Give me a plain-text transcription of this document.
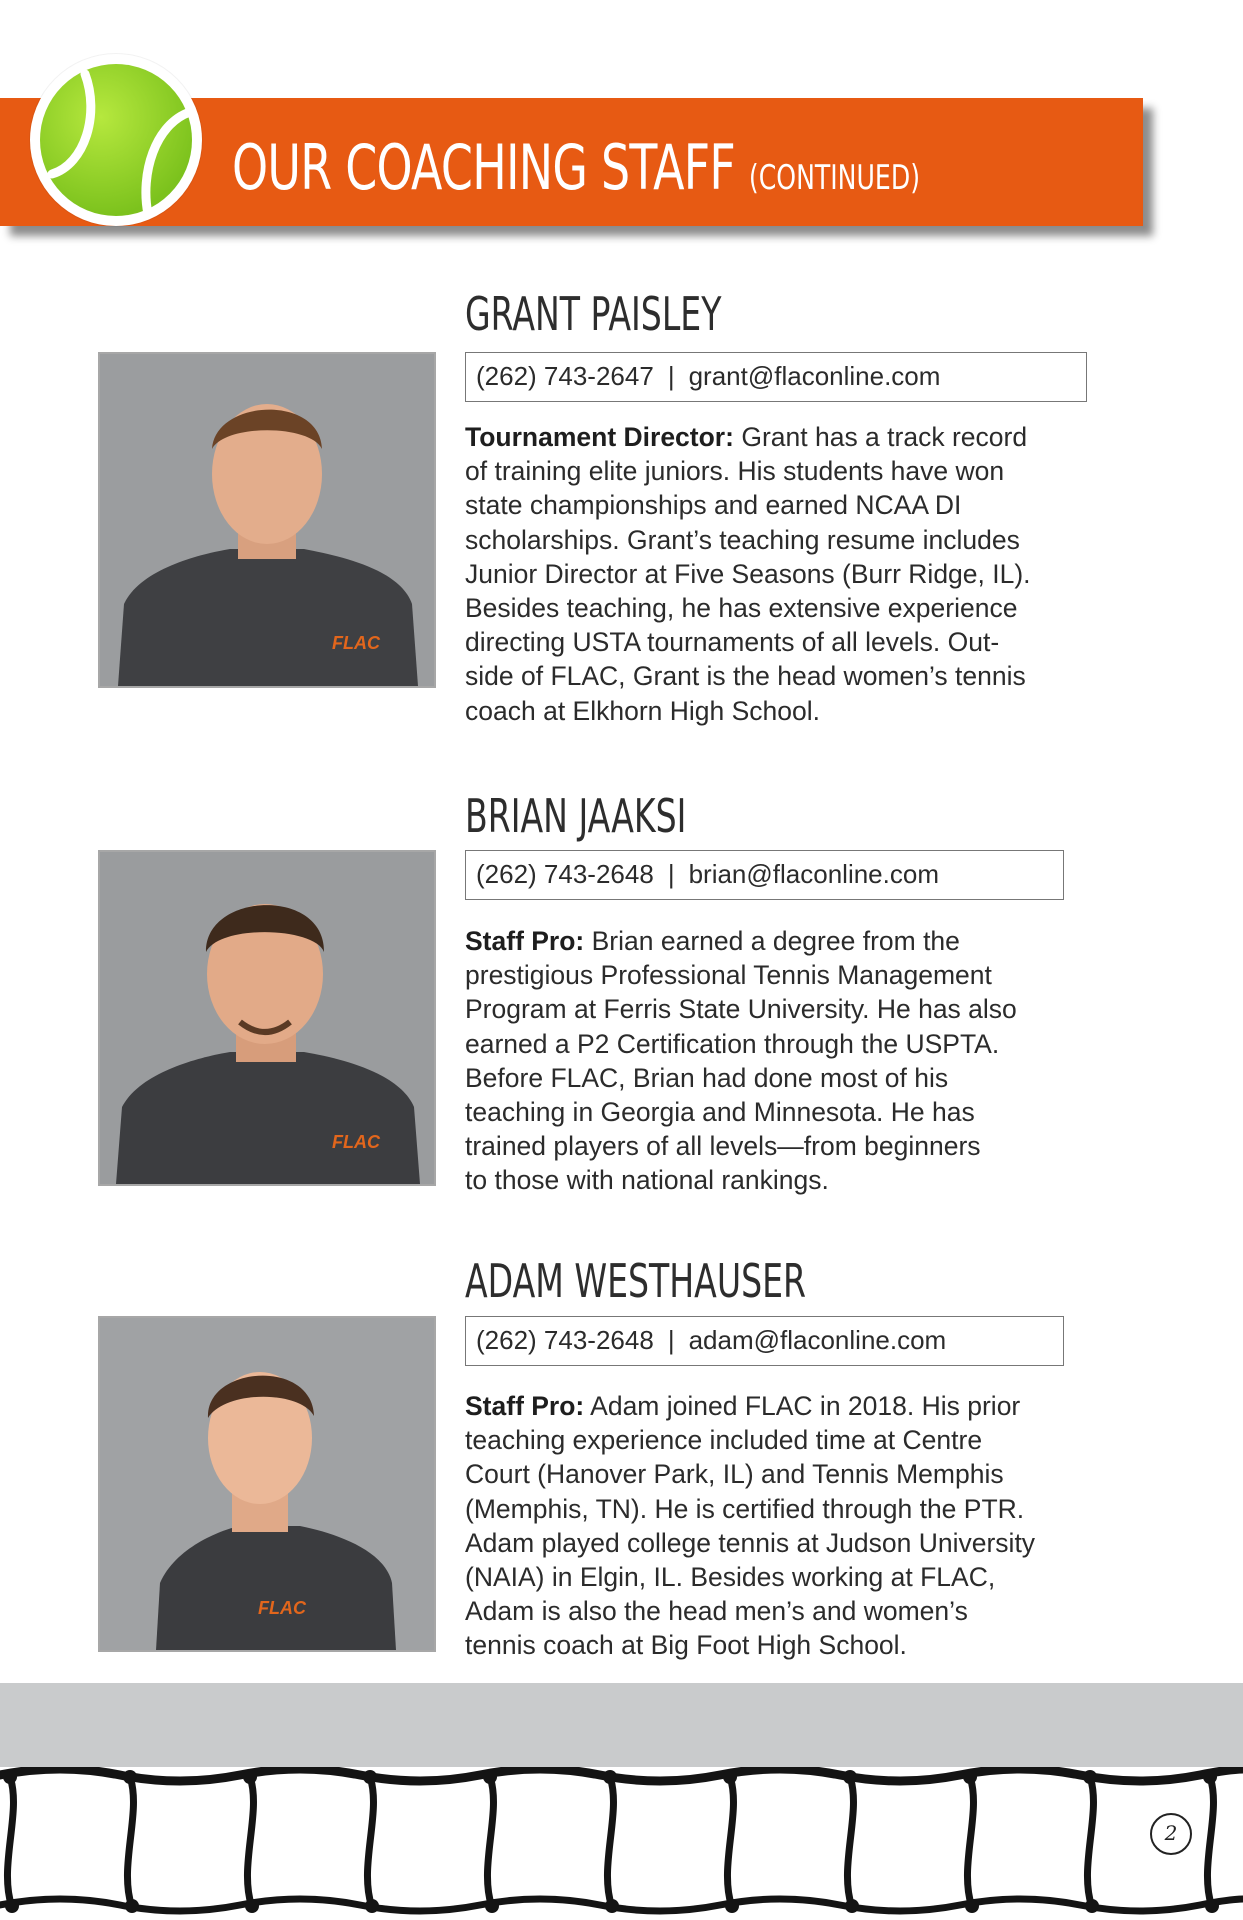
OUR COACHING STAFF (CONTINUED)
GRANT PAISLEY
FLAC
(262) 743-2647 | grant@flaconline.com
Tournament Director: Grant has a track record
of training elite juniors. His students have won
state championships and earned NCAA DI
scholarships. Grant’s teaching resume includes
Junior Director at Five Seasons (Burr Ridge, IL).
Besides teaching, he has extensive experience
directing USTA tournaments of all levels. Out-
side of FLAC, Grant is the head women’s tennis
coach at Elkhorn High School.
BRIAN JAAKSI
FLAC
(262) 743-2648 | brian@flaconline.com
Staff Pro: Brian earned a degree from the
prestigious Professional Tennis Management
Program at Ferris State University. He has also
earned a P2 Certification through the USPTA.
Before FLAC, Brian had done most of his
teaching in Georgia and Minnesota. He has
trained players of all levels—from beginners
to those with national rankings.
ADAM WESTHAUSER
FLAC
(262) 743-2648 | adam@flaconline.com
Staff Pro: Adam joined FLAC in 2018. His prior
teaching experience included time at Centre
Court (Hanover Park, IL) and Tennis Memphis
(Memphis, TN). He is certified through the PTR.
Adam played college tennis at Judson University
(NAIA) in Elgin, IL. Besides working at FLAC,
Adam is also the head men’s and women’s
tennis coach at Big Foot High School.
2
